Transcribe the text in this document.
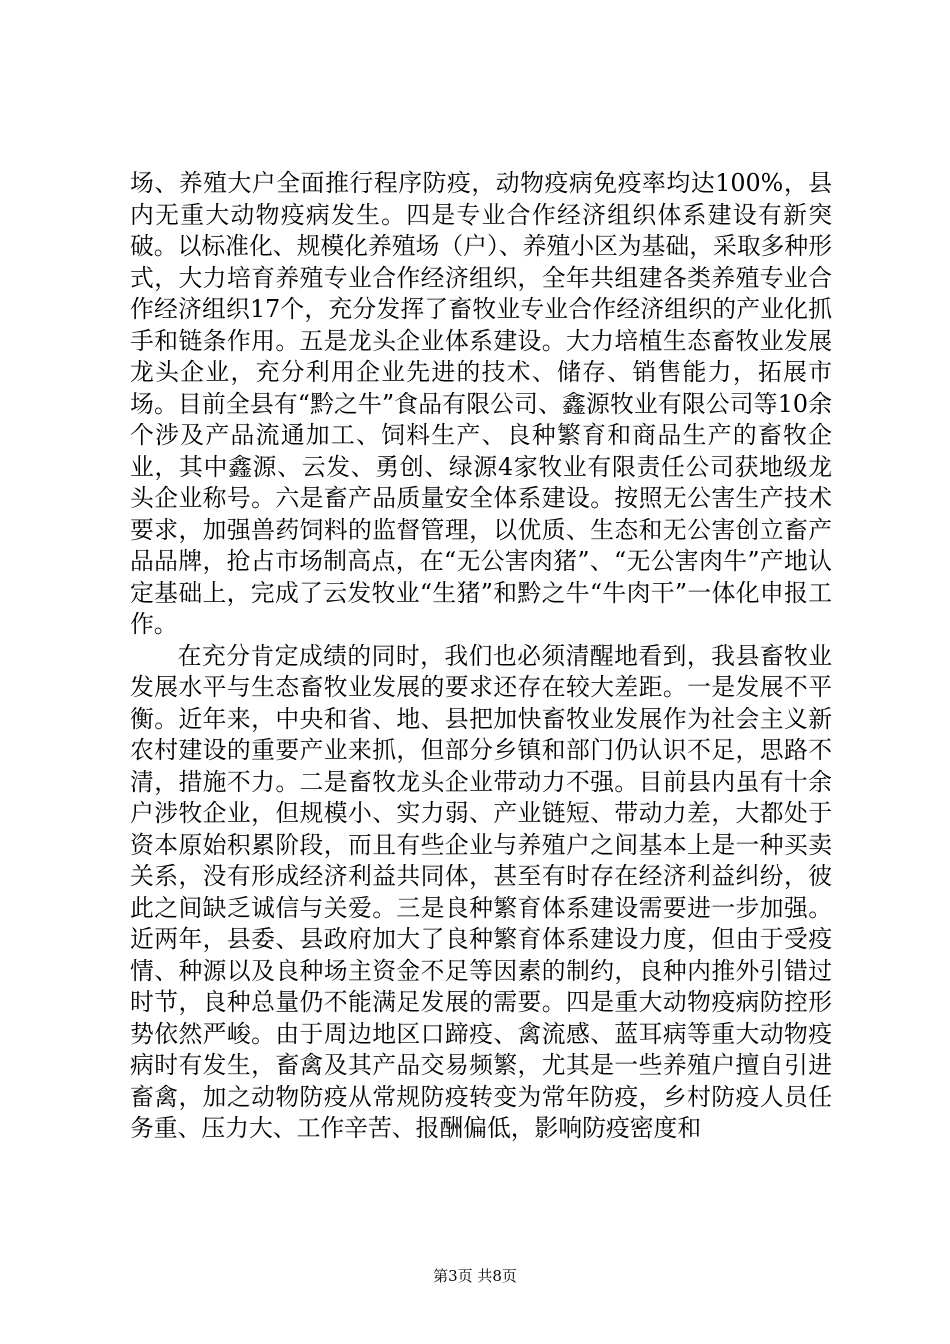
场、养殖大户全面推行程序防疫，动物疫病免疫率均达100%，县内无重大动物疫病发生。四是专业合作经济组织体系建设有新突破。以标准化、规模化养殖场（户）、养殖小区为基础，采取多种形式，大力培育养殖专业合作经济组织，全年共组建各类养殖专业合作经济组织17个，充分发挥了畜牧业专业合作经济组织的产业化抓手和链条作用。五是龙头企业体系建设。大力培植生态畜牧业发展龙头企业，充分利用企业先进的技术、储存、销售能力，拓展市场。目前全县有“黔之牛”食品有限公司、鑫源牧业有限公司等10余个涉及产品流通加工、饲料生产、良种繁育和商品生产的畜牧企业，其中鑫源、云发、勇创、绿源4家牧业有限责任公司获地级龙头企业称号。六是畜产品质量安全体系建设。按照无公害生产技术要求，加强兽药饲料的监督管理，以优质、生态和无公害创立畜产品品牌，抢占市场制高点，在“无公害肉猪”、“无公害肉牛”产地认定基础上，完成了云发牧业“生猪”和黔之牛“牛肉干”一体化申报工作。

在充分肯定成绩的同时，我们也必须清醒地看到，我县畜牧业发展水平与生态畜牧业发展的要求还存在较大差距。一是发展不平衡。近年来，中央和省、地、县把加快畜牧业发展作为社会主义新农村建设的重要产业来抓，但部分乡镇和部门仍认识不足，思路不清，措施不力。二是畜牧龙头企业带动力不强。目前县内虽有十余户涉牧企业，但规模小、实力弱、产业链短、带动力差，大都处于资本原始积累阶段，而且有些企业与养殖户之间基本上是一种买卖关系，没有形成经济利益共同体，甚至有时存在经济利益纠纷，彼此之间缺乏诚信与关爱。三是良种繁育体系建设需要进一步加强。近两年，县委、县政府加大了良种繁育体系建设力度，但由于受疫情、种源以及良种场主资金不足等因素的制约，良种内推外引错过时节，良种总量仍不能满足发展的需要。四是重大动物疫病防控形势依然严峻。由于周边地区口蹄疫、禽流感、蓝耳病等重大动物疫病时有发生，畜禽及其产品交易频繁，尤其是一些养殖户擅自引进畜禽，加之动物防疫从常规防疫转变为常年防疫，乡村防疫人员任务重、压力大、工作辛苦、报酬偏低，影响防疫密度和

第3页 共8页
